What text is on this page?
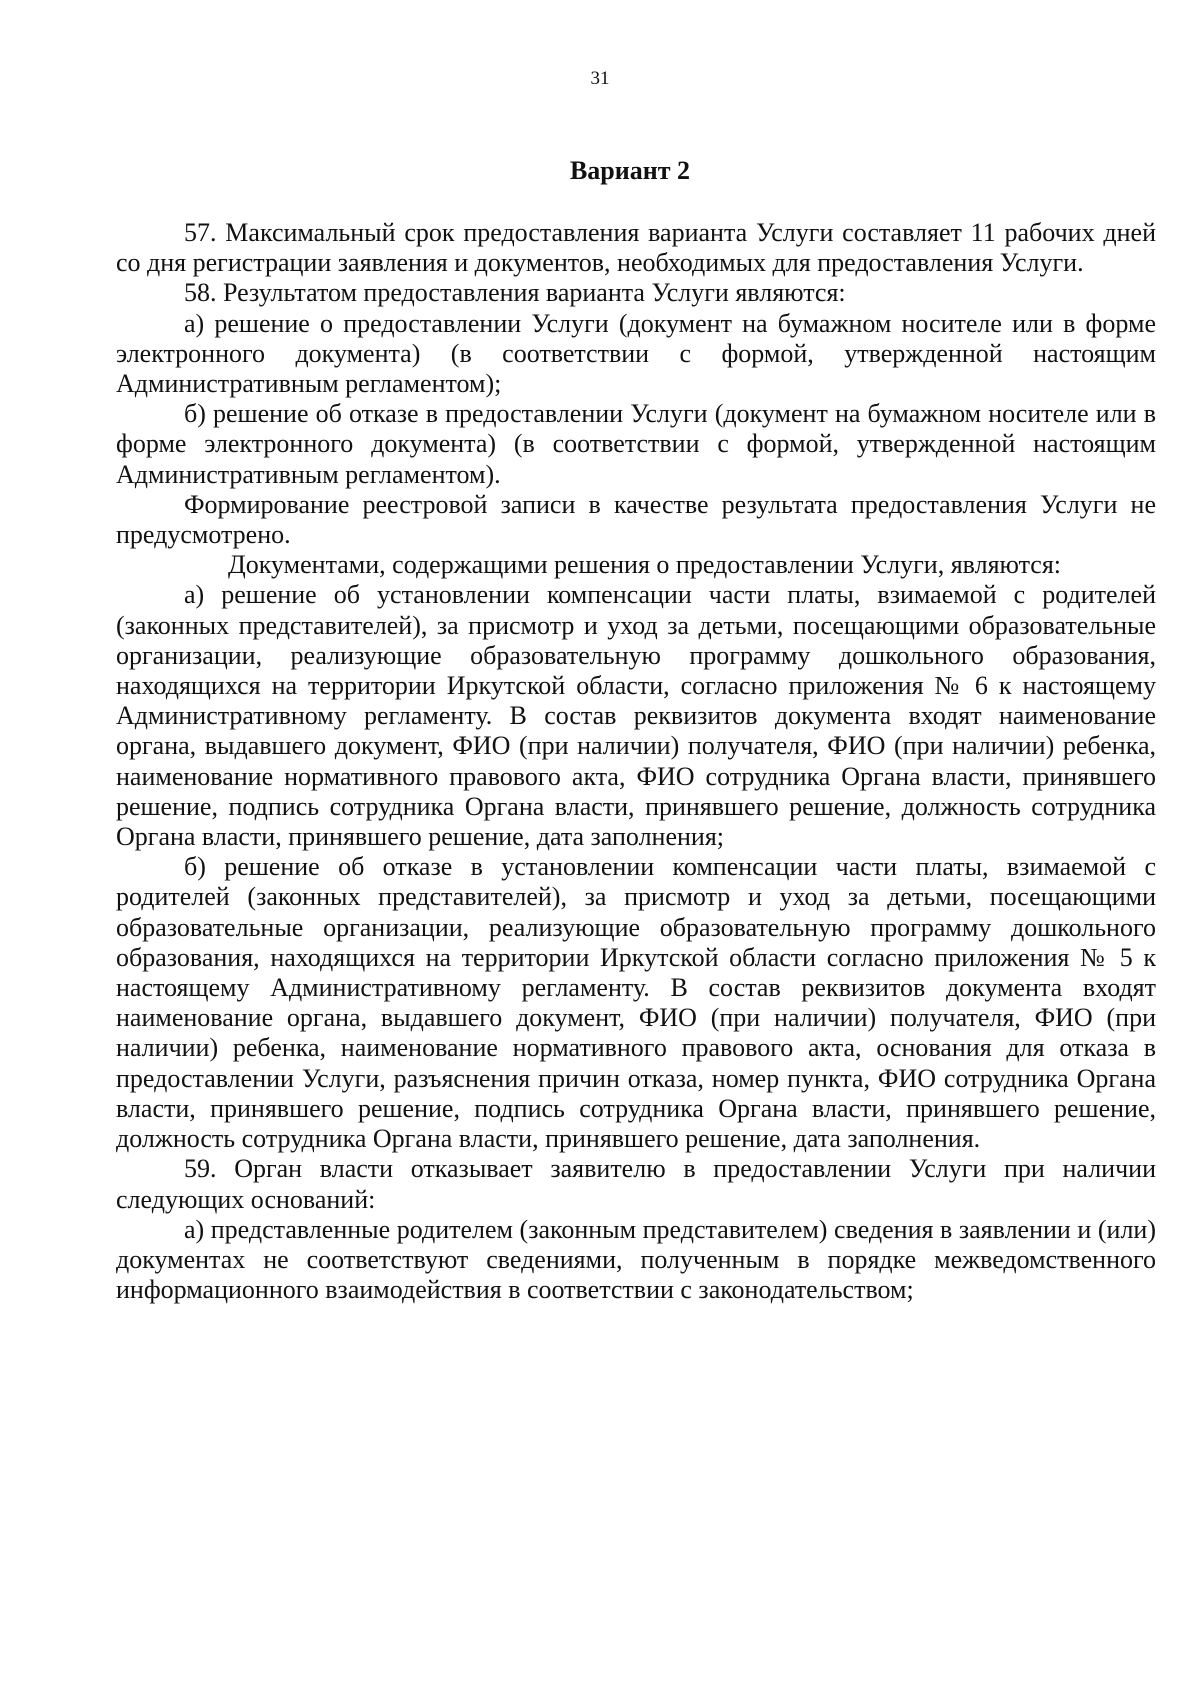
31
Вариант 2

57. Максимальный срок предоставления варианта Услуги составляет 11 рабочих дней со дня регистрации заявления и документов, необходимых для предоставления Услуги.

58. Результатом предоставления варианта Услуги являются:

а) решение о предоставлении Услуги (документ на бумажном носителе или в форме электронного документа) (в соответствии с формой, утвержденной настоящим Административным регламентом);

б) решение об отказе в предоставлении Услуги (документ на бумажном носителе или в форме электронного документа) (в соответствии с формой, утвержденной настоящим Административным регламентом).

Формирование реестровой записи в качестве результата предоставления Услуги не предусмотрено.

Документами, содержащими решения о предоставлении Услуги, являются:

а) решение об установлении компенсации части платы, взимаемой с родителей (законных представителей), за присмотр и уход за детьми, посещающими образовательные организации, реализующие образовательную программу дошкольного образования, находящихся на территории Иркутской области, согласно приложения № 6 к настоящему Административному регламенту. В состав реквизитов документа входят наименование органа, выдавшего документ, ФИО (при наличии) получателя, ФИО (при наличии) ребенка, наименование нормативного правового акта, ФИО сотрудника Органа власти, принявшего решение, подпись сотрудника Органа власти, принявшего решение, должность сотрудника Органа власти, принявшего решение, дата заполнения;

б) решение об отказе в установлении компенсации части платы, взимаемой с родителей (законных представителей), за присмотр и уход за детьми, посещающими образовательные организации, реализующие образовательную программу дошкольного образования, находящихся на территории Иркутской области согласно приложения № 5 к настоящему Административному регламенту. В состав реквизитов документа входят наименование органа, выдавшего документ, ФИО (при наличии) получателя, ФИО (при наличии) ребенка, наименование нормативного правового акта, основания для отказа в предоставлении Услуги, разъяснения причин отказа, номер пункта, ФИО сотрудника Органа власти, принявшего решение, подпись сотрудника Органа власти, принявшего решение, должность сотрудника Органа власти, принявшего решение, дата заполнения.

59. Орган власти отказывает заявителю в предоставлении Услуги при наличии следующих оснований:

а) представленные родителем (законным представителем) сведения в заявлении и (или) документах не соответствуют сведениями, полученным в порядке межведомственного информационного взаимодействия в соответствии с законодательством;
